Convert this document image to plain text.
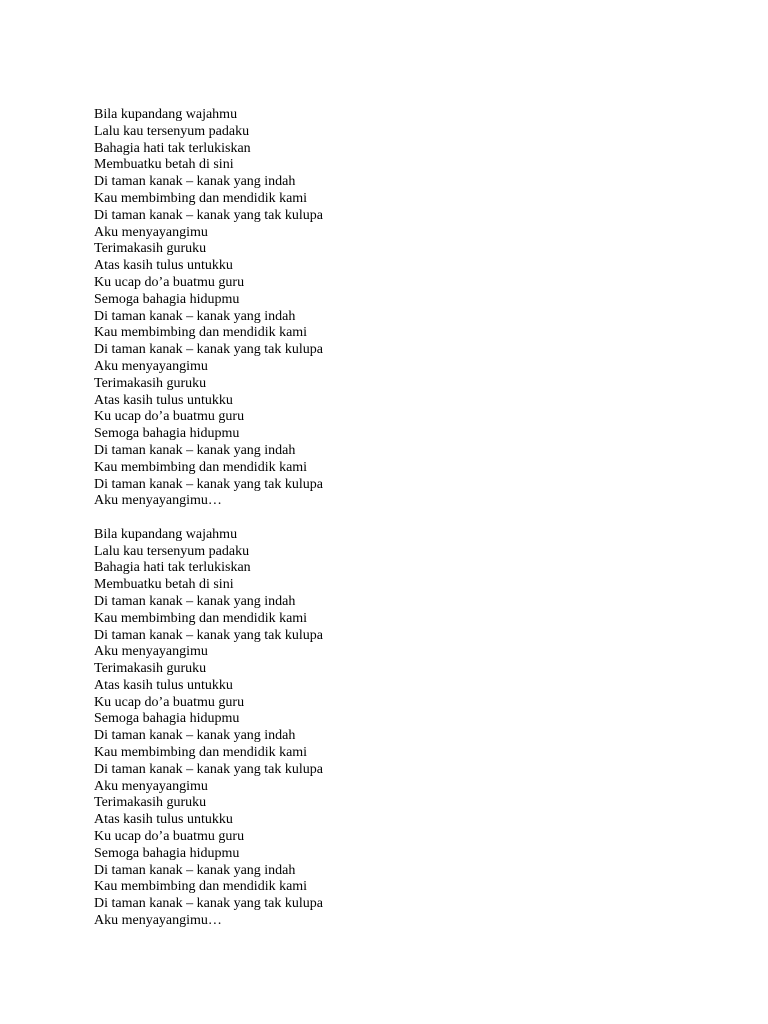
Bila kupandang wajahmu
Lalu kau tersenyum padaku
Bahagia hati tak terlukiskan
Membuatku betah di sini
Di taman kanak – kanak yang indah
Kau membimbing dan mendidik kami
Di taman kanak – kanak yang tak kulupa
Aku menyayangimu
Terimakasih guruku
Atas kasih tulus untukku
Ku ucap do’a buatmu guru
Semoga bahagia hidupmu
Di taman kanak – kanak yang indah
Kau membimbing dan mendidik kami
Di taman kanak – kanak yang tak kulupa
Aku menyayangimu
Terimakasih guruku
Atas kasih tulus untukku
Ku ucap do’a buatmu guru
Semoga bahagia hidupmu
Di taman kanak – kanak yang indah
Kau membimbing dan mendidik kami
Di taman kanak – kanak yang tak kulupa
Aku menyayangimu…
Bila kupandang wajahmu
Lalu kau tersenyum padaku
Bahagia hati tak terlukiskan
Membuatku betah di sini
Di taman kanak – kanak yang indah
Kau membimbing dan mendidik kami
Di taman kanak – kanak yang tak kulupa
Aku menyayangimu
Terimakasih guruku
Atas kasih tulus untukku
Ku ucap do’a buatmu guru
Semoga bahagia hidupmu
Di taman kanak – kanak yang indah
Kau membimbing dan mendidik kami
Di taman kanak – kanak yang tak kulupa
Aku menyayangimu
Terimakasih guruku
Atas kasih tulus untukku
Ku ucap do’a buatmu guru
Semoga bahagia hidupmu
Di taman kanak – kanak yang indah
Kau membimbing dan mendidik kami
Di taman kanak – kanak yang tak kulupa
Aku menyayangimu…
